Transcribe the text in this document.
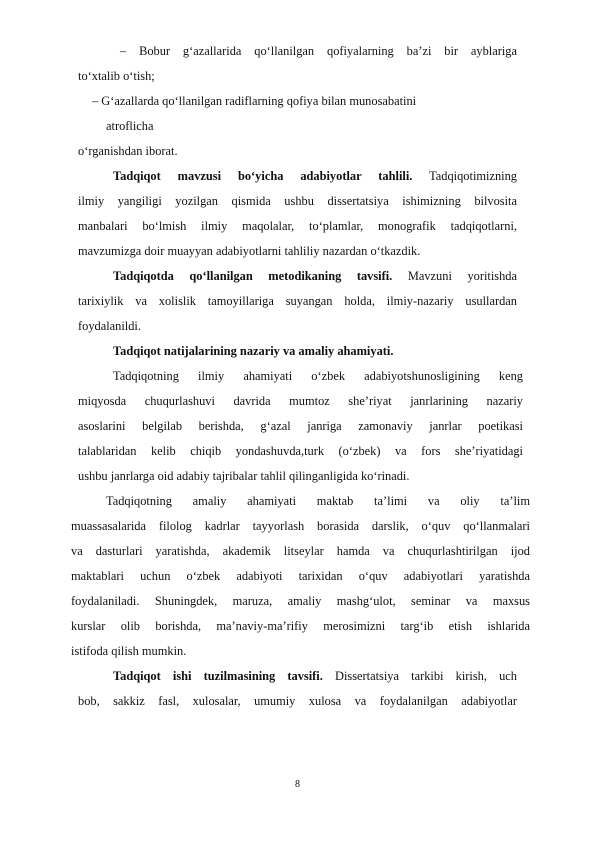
– Bobur g‘azallarida qo‘llanilgan qofiyalarning ba’zi bir ayblariga
to‘xtalib o‘tish;
– G‘azallarda qo‘llanilgan radiflarning qofiya bilan munosabatini
atroflicha
o‘rganishdan iborat.
Tadqiqot mavzusi bo‘yicha adabiyotlar tahlili. Tadqiqotimizning
ilmiy yangiligi yozilgan qismida ushbu dissertatsiya ishimizning bilvosita
manbalari bo‘lmish ilmiy maqolalar, to‘plamlar, monografik tadqiqotlarni,
mavzumizga doir muayyan adabiyotlarni tahliliy nazardan o‘tkazdik.
Tadqiqotda qo‘llanilgan metodikaning tavsifi. Mavzuni yoritishda
tarixiylik va xolislik tamoyillariga suyangan holda, ilmiy-nazariy usullardan
foydalanildi.
Tadqiqot natijalarining nazariy va amaliy ahamiyati.
Tadqiqotning ilmiy ahamiyati o‘zbek adabiyotshunosligining keng
miqyosda chuqurlashuvi davrida mumtoz she’riyat janrlarining nazariy
asoslarini belgilab berishda, g‘azal janriga zamonaviy janrlar poetikasi
talablaridan kelib chiqib yondashuvda,turk (o‘zbek) va fors she’riyatidagi
ushbu janrlarga oid adabiy tajribalar tahlil qilinganligida ko‘rinadi.
Tadqiqotning amaliy ahamiyati maktab ta’limi va oliy ta’lim
muassasalarida filolog kadrlar tayyorlash borasida darslik, o‘quv qo‘llanmalari
va dasturlari yaratishda, akademik litseylar hamda va chuqurlashtirilgan ijod
maktablari uchun o‘zbek adabiyoti tarixidan o‘quv adabiyotlari yaratishda
foydalaniladi. Shuningdek, maruza, amaliy mashg‘ulot, seminar va maxsus
kurslar olib borishda, ma’naviy-ma’rifiy merosimizni targ‘ib etish ishlarida
istifoda qilish mumkin.
Tadqiqot ishi tuzilmasining tavsifi. Dissertatsiya tarkibi kirish, uch
bob, sakkiz fasl, xulosalar, umumiy xulosa va foydalanilgan adabiyotlar
8
